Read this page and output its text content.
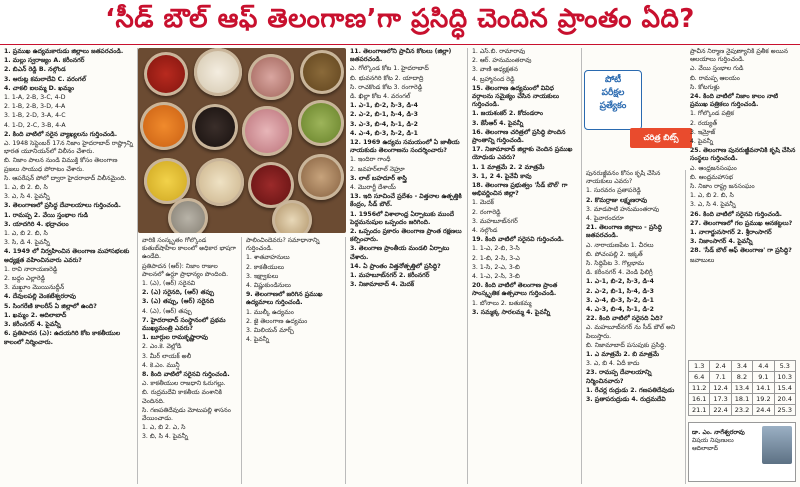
‘సీడ్ బౌల్ ఆఫ్ తెలంగాణ’గా ప్రసిద్ధి చెందిన ప్రాంతం ఏది?

1. ప్రముఖ ఉద్యమకారుడు జిల్లాలు జతపరచండి.

1. మల్లు స్వరాజ్యం A. కరీంనగర్

2. బిఎన్ రెడ్డి B. నల్గొండ

3. ఆరుట్ల కమలాదేవి C. వరంగల్

4. చాకలి ఐలమ్మ D. ఖమ్మం

1. 1-A, 2-B, 3-C, 4-D

2. 1-B, 2-B, 3-D, 4-A

3. 1-B, 2-D, 3-A, 4-C

4. 1-D, 2-C, 3-B, 4-A

2. కింది వాటిలో సరైన వ్యాఖ్యలను గుర్తించండి.

ఎ. 1948 సెప్టెంబర్ 17న నిజాం హైదరాబాద్ రాష్ట్రాన్ని భారత యూనియన్‌లో విలీనం చేశారు.

బి. నిజాం పాలన నుండి విముక్తి కోసం తెలంగాణ ప్రజలు సాయుధ పోరాటం చేశారు.

సి. ఆపరేషన్ పోలో ద్వారా హైదరాబాద్ విలీనమైంది.

1. ఎ, బి 2. బి, సి

3. ఎ, సి 4. పైవన్నీ

3. తెలంగాణలో ప్రసిద్ధ దేవాలయాలు గుర్తించండి.

1. రామప్ప 2. వేయి స్తంభాల గుడి

3. యాదగిరి 4. భద్రాచలం

1. ఎ, బి 2. బి, సి

3. సి, డి 4. పైవన్నీ

4. 1949 లో నిర్వహించిన తెలంగాణ మహాసభలకు అధ్యక్షత వహించినవారు ఎవరు?

1. రావి నారాయణరెడ్డి

2. బద్దం ఎల్లారెడ్డి

3. మఖ్దూం మొయినుద్దీన్

4. దేవులపల్లి వెంకటేశ్వరరావు

5. సింగరేణి కాలరీస్ ఏ జిల్లాలో ఉంది?

1. ఖమ్మం 2. ఆదిలాబాద్

3. కరీంనగర్ 4. పైవన్నీ

6. ప్రతిపాదన (ఎ): ఉదయగిరి కోట కాకతీయుల కాలంలో నిర్మించారు.

వారికి సంస్కృతం గోల్కొండ కుతుబ్‌షాహీల కాలంలో అధికార భాషగా ఉండేది.

ప్రతిపాదన (ఆర్): నిజాం రాజుల పాలనలో ఉర్దూ ప్రాధాన్యం పొందింది.

1. (ఎ), (ఆర్) సరైనవి

2. (ఎ) సరైనది, (ఆర్) తప్పు

3. (ఎ) తప్పు, (ఆర్) సరైనది

4. (ఎ), (ఆర్) తప్పు

7. హైదరాబాద్ సంస్థానంలో ప్రథమ ముఖ్యమంత్రి ఎవరు?

1. బూర్గుల రామకృష్ణారావు

2. ఎం.కె. వెల్లోడి

3. మీర్ లాయక్ అలీ

4. కె.ఎం. మున్షీ

8. కింది వాటిలో సరైనవి గుర్తించండి.

ఎ. కాకతీయుల రాజధాని ఓరుగల్లు.

బి. రుద్రమదేవి కాకతీయ వంశానికి చెందినది.

సి. గణపతిదేవుడు మోటుపల్లి శాసనం వేయించాడు.

1. ఎ, బి 2. ఎ, సి

3. బి, సి 4. పైవన్నీ

పాలించిందెవరు? సమాధానాన్ని గుర్తించండి.

1. శాతవాహనులు

2. కాకతీయులు

3. ఇక్ష్వాకులు

4. విష్ణుకుండినులు

9. తెలంగాణలో జరిగిన ప్రముఖ ఉద్యమాలు గుర్తించండి.

1. ముల్కీ ఉద్యమం

2. జై తెలంగాణ ఉద్యమం

3. మిలియన్ మార్చ్

4. పైవన్నీ

11. తెలంగాణలోని ప్రాచీన కోటలు (జిల్లా) జతపరచండి.

ఎ. గోల్కొండ కోట 1. హైదరాబాద్

బి. భువనగిరి కోట 2. యాదాద్రి

సి. రాచకొండ కోట 3. రంగారెడ్డి

డి. ఖిల్లా కోట 4. వరంగల్

1. ఎ-1, బి-2, సి-3, డి-4

2. ఎ-2, బి-1, సి-4, డి-3

3. ఎ-3, బి-4, సి-1, డి-2

4. ఎ-4, బి-3, సి-2, డి-1

12. 1969 ఉద్యమ సమయంలో ఏ జాతీయ నాయకుడు తెలంగాణను సందర్శించారు?

1. ఇందిరా గాంధీ

2. జవహర్‌లాల్ నెహ్రూ

3. లాల్ బహదూర్ శాస్త్రి

4. మొరార్జీ దేశాయ్

13. ఇది సూచించే ప్రదేశం - విత్తనాల ఉత్పత్తికి కేంద్రం, సీడ్ బౌల్.

1. 1956లో విశాలాంధ్ర ఏర్పాటుకు ముందే పెద్దమనుషుల ఒప్పందం జరిగింది.

2. ఒప్పందం ప్రకారం తెలంగాణ ప్రాంత రక్షణలు కల్పించారు.

3. తెలంగాణ ప్రాంతీయ మండలి ఏర్పాటు చేశారు.

14. ఏ ప్రాంతం విత్తనోత్పత్తిలో ప్రసిద్ధి?

1. మహబూబ్‌నగర్ 2. కరీంనగర్

3. నిజామాబాద్ 4. మెదక్

1. ఎస్.బి. రామారావు

2. ఆర్. హనుమంతరావు

3. వాణి అధ్యక్షతన

4. బ్రహ్మానంద రెడ్డి

15. తెలంగాణ ఉద్యమంలో వివిధ వర్గాలను సమైక్యం చేసిన నాయకులు గుర్తించండి.

1. జయశంకర్ 2. కోదండరాం

3. కేసీఆర్ 4. పైవన్నీ

16. తెలంగాణ చరిత్రలో ప్రసిద్ధి పొందిన ప్రాంతాన్ని గుర్తించండి.

17. నిజామాబాద్ జిల్లాకు చెందిన ప్రముఖ యోధుడు ఎవరు?

1. 1 మాత్రమే 2. 2 మాత్రమే

3. 1, 2 4. పైవేవీ కావు

18. తెలంగాణ ప్రభుత్వం 'సీడ్ బౌల్' గా అభివర్ణించిన జిల్లా?

1. మెదక్

2. రంగారెడ్డి

3. మహబూబ్‌నగర్

4. నల్గొండ

19. కింది వాటిలో సరైనవి గుర్తించండి.

1. 1-ఎ, 2-బి, 3-సి

2. 1-బి, 2-సి, 3-ఎ

3. 1-సి, 2-ఎ, 3-బి

4. 1-ఎ, 2-సి, 3-బి

20. కింది వాటిలో తెలంగాణ ప్రాంత సాంస్కృతిక ఉత్సవాలు గుర్తించండి.

1. బోనాలు 2. బతుకమ్మ

3. సమ్మక్క సారలమ్మ 4. పైవన్నీ

పోటీ
పరీక్షల
ప్రత్యేకం
చరిత్ర బిట్స్

పునరుజ్జీవనం కోసం కృషి చేసిన నాయకులు ఎవరు?

1. సురవరం ప్రతాపరెడ్డి

2. కొమర్రాజు లక్ష్మణరావు

3. మాడపాటి హనుమంతరావు

4. పైవారందరూ

21. తెలంగాణ జిల్లాలు - ప్రసిద్ధి జతపరచండి.

ఎ. నారాయణపేట 1. చీరలు

బి. పోచంపల్లి 2. ఇక్కత్

సి. సిద్దిపేట 3. గొల్లభామ

డి. కరీంనగర్ 4. వెండి ఫిలిగ్రీ

1. ఎ-1, బి-2, సి-3, డి-4

2. ఎ-2, బి-1, సి-4, డి-3

3. ఎ-4, బి-3, సి-2, డి-1

4. ఎ-3, బి-4, సి-1, డి-2

22. కింది వాటిలో సరైనది ఏది?

ఎ. మహబూబ్‌నగర్ ను సీడ్ బౌల్ అని పిలుస్తారు.

బి. నిజామాబాద్ పసుపుకు ప్రసిద్ధి.

1. ఎ మాత్రమే 2. బి మాత్రమే

3. ఎ, బి 4. ఏదీ కాదు

23. రామప్ప దేవాలయాన్ని నిర్మించినవారు?

1. రేచర్ల రుద్రుడు 2. గణపతిదేవుడు

3. ప్రతాపరుద్రుడు 4. రుద్రమదేవి

ప్రాచీన నిర్మాణ నైపుణ్యానికి ప్రతీక అయిన ఆలయాలు గుర్తించండి.

ఎ. వేయి స్తంభాల గుడి

బి. రామప్ప ఆలయం

సి. కోటగుళ్లు

24. కింది వాటిలో నిజాం కాలం నాటి ప్రముఖ పత్రికలు గుర్తించండి.

1. గోల్కొండ పత్రిక

2. రయ్యత్

3. ఇమ్రోజ్

4. పైవన్నీ

25. తెలంగాణ పునరుజ్జీవనానికి కృషి చేసిన సంస్థలు గుర్తించండి.

ఎ. ఆంధ్రజనసంఘం

బి. ఆంధ్రమహాసభ

సి. నిజాం రాష్ట్ర జనసంఘం

1. ఎ, బి 2. బి, సి

3. ఎ, సి 4. పైవన్నీ

26. కింది వాటిలో సరైనవి గుర్తించండి.

27. తెలంగాణలో గల ప్రముఖ ఆనకట్టలు?

1. నాగార్జునసాగర్ 2. శ్రీరాంసాగర్

3. నిజాంసాగర్ 4. పైవన్నీ

28. 'సీడ్ బౌల్ ఆఫ్ తెలంగాణ' గా ప్రసిద్ధి?

జవాబులు

1.3	2.4	3.4	4.4	5.3
6.4	7.1	8.2	9.1	10.3
11.2	12.4	13.4	14.1	15.4
16.1	17.3	18.1	19.2	20.4
21.1	22.4	23.2	24.4	25.3
డా. ఎం. నాగేశ్వరరావు
విషయ నిపుణులు
ఆదిలాబాద్
